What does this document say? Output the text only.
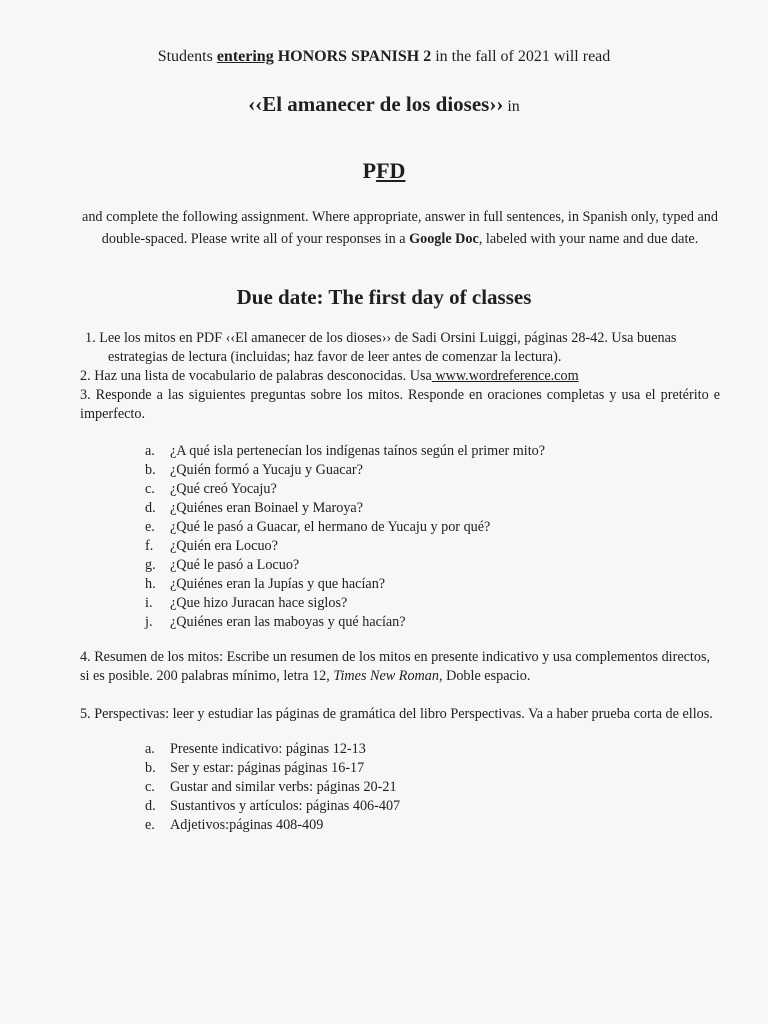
Students entering HONORS SPANISH 2 in the fall of 2021 will read
‹‹El amanecer de los dioses›› in
PFD
and complete the following assignment. Where appropriate, answer in full sentences, in Spanish only, typed and double-spaced. Please write all of your responses in a Google Doc, labeled with your name and due date.
Due date: The first day of classes
1. Lee los mitos en PDF ‹‹El amanecer de los dioses›› de Sadi Orsini Luiggi, páginas 28-42. Usa buenas estrategias de lectura (incluidas; haz favor de leer antes de comenzar la lectura).
2. Haz una lista de vocabulario de palabras desconocidas. Usa www.wordreference.com
3. Responde a las siguientes preguntas sobre los mitos. Responde en oraciones completas y usa el pretérito e imperfecto.
a.	¿A qué isla pertenecían los indígenas taínos según el primer mito?
b.	¿Quién formó a Yucaju y Guacar?
c.	¿Qué creó Yocaju?
d.	¿Quiénes eran Boinael y Maroya?
e.	¿Qué le pasó a Guacar, el hermano de Yucaju y por qué?
f.	¿Quién era Locuo?
g.	¿Qué le pasó a Locuo?
h.	¿Quiénes eran la Jupías y que hacían?
i.	¿Que hizo Juracan hace siglos?
j.	¿Quiénes eran las maboyas y qué hacían?
4. Resumen de los mitos: Escribe un resumen de los mitos en presente indicativo y usa complementos directos, si es posible. 200 palabras mínimo, letra 12, Times New Roman, Doble espacio.
5. Perspectivas: leer y estudiar las páginas de gramática del libro Perspectivas. Va a haber prueba corta de ellos.
a.	Presente indicativo: páginas 12-13
b.	Ser y estar: páginas páginas 16-17
c.	Gustar and similar verbs: páginas 20-21
d.	Sustantivos y artículos: páginas 406-407
e.	Adjetivos:páginas 408-409
